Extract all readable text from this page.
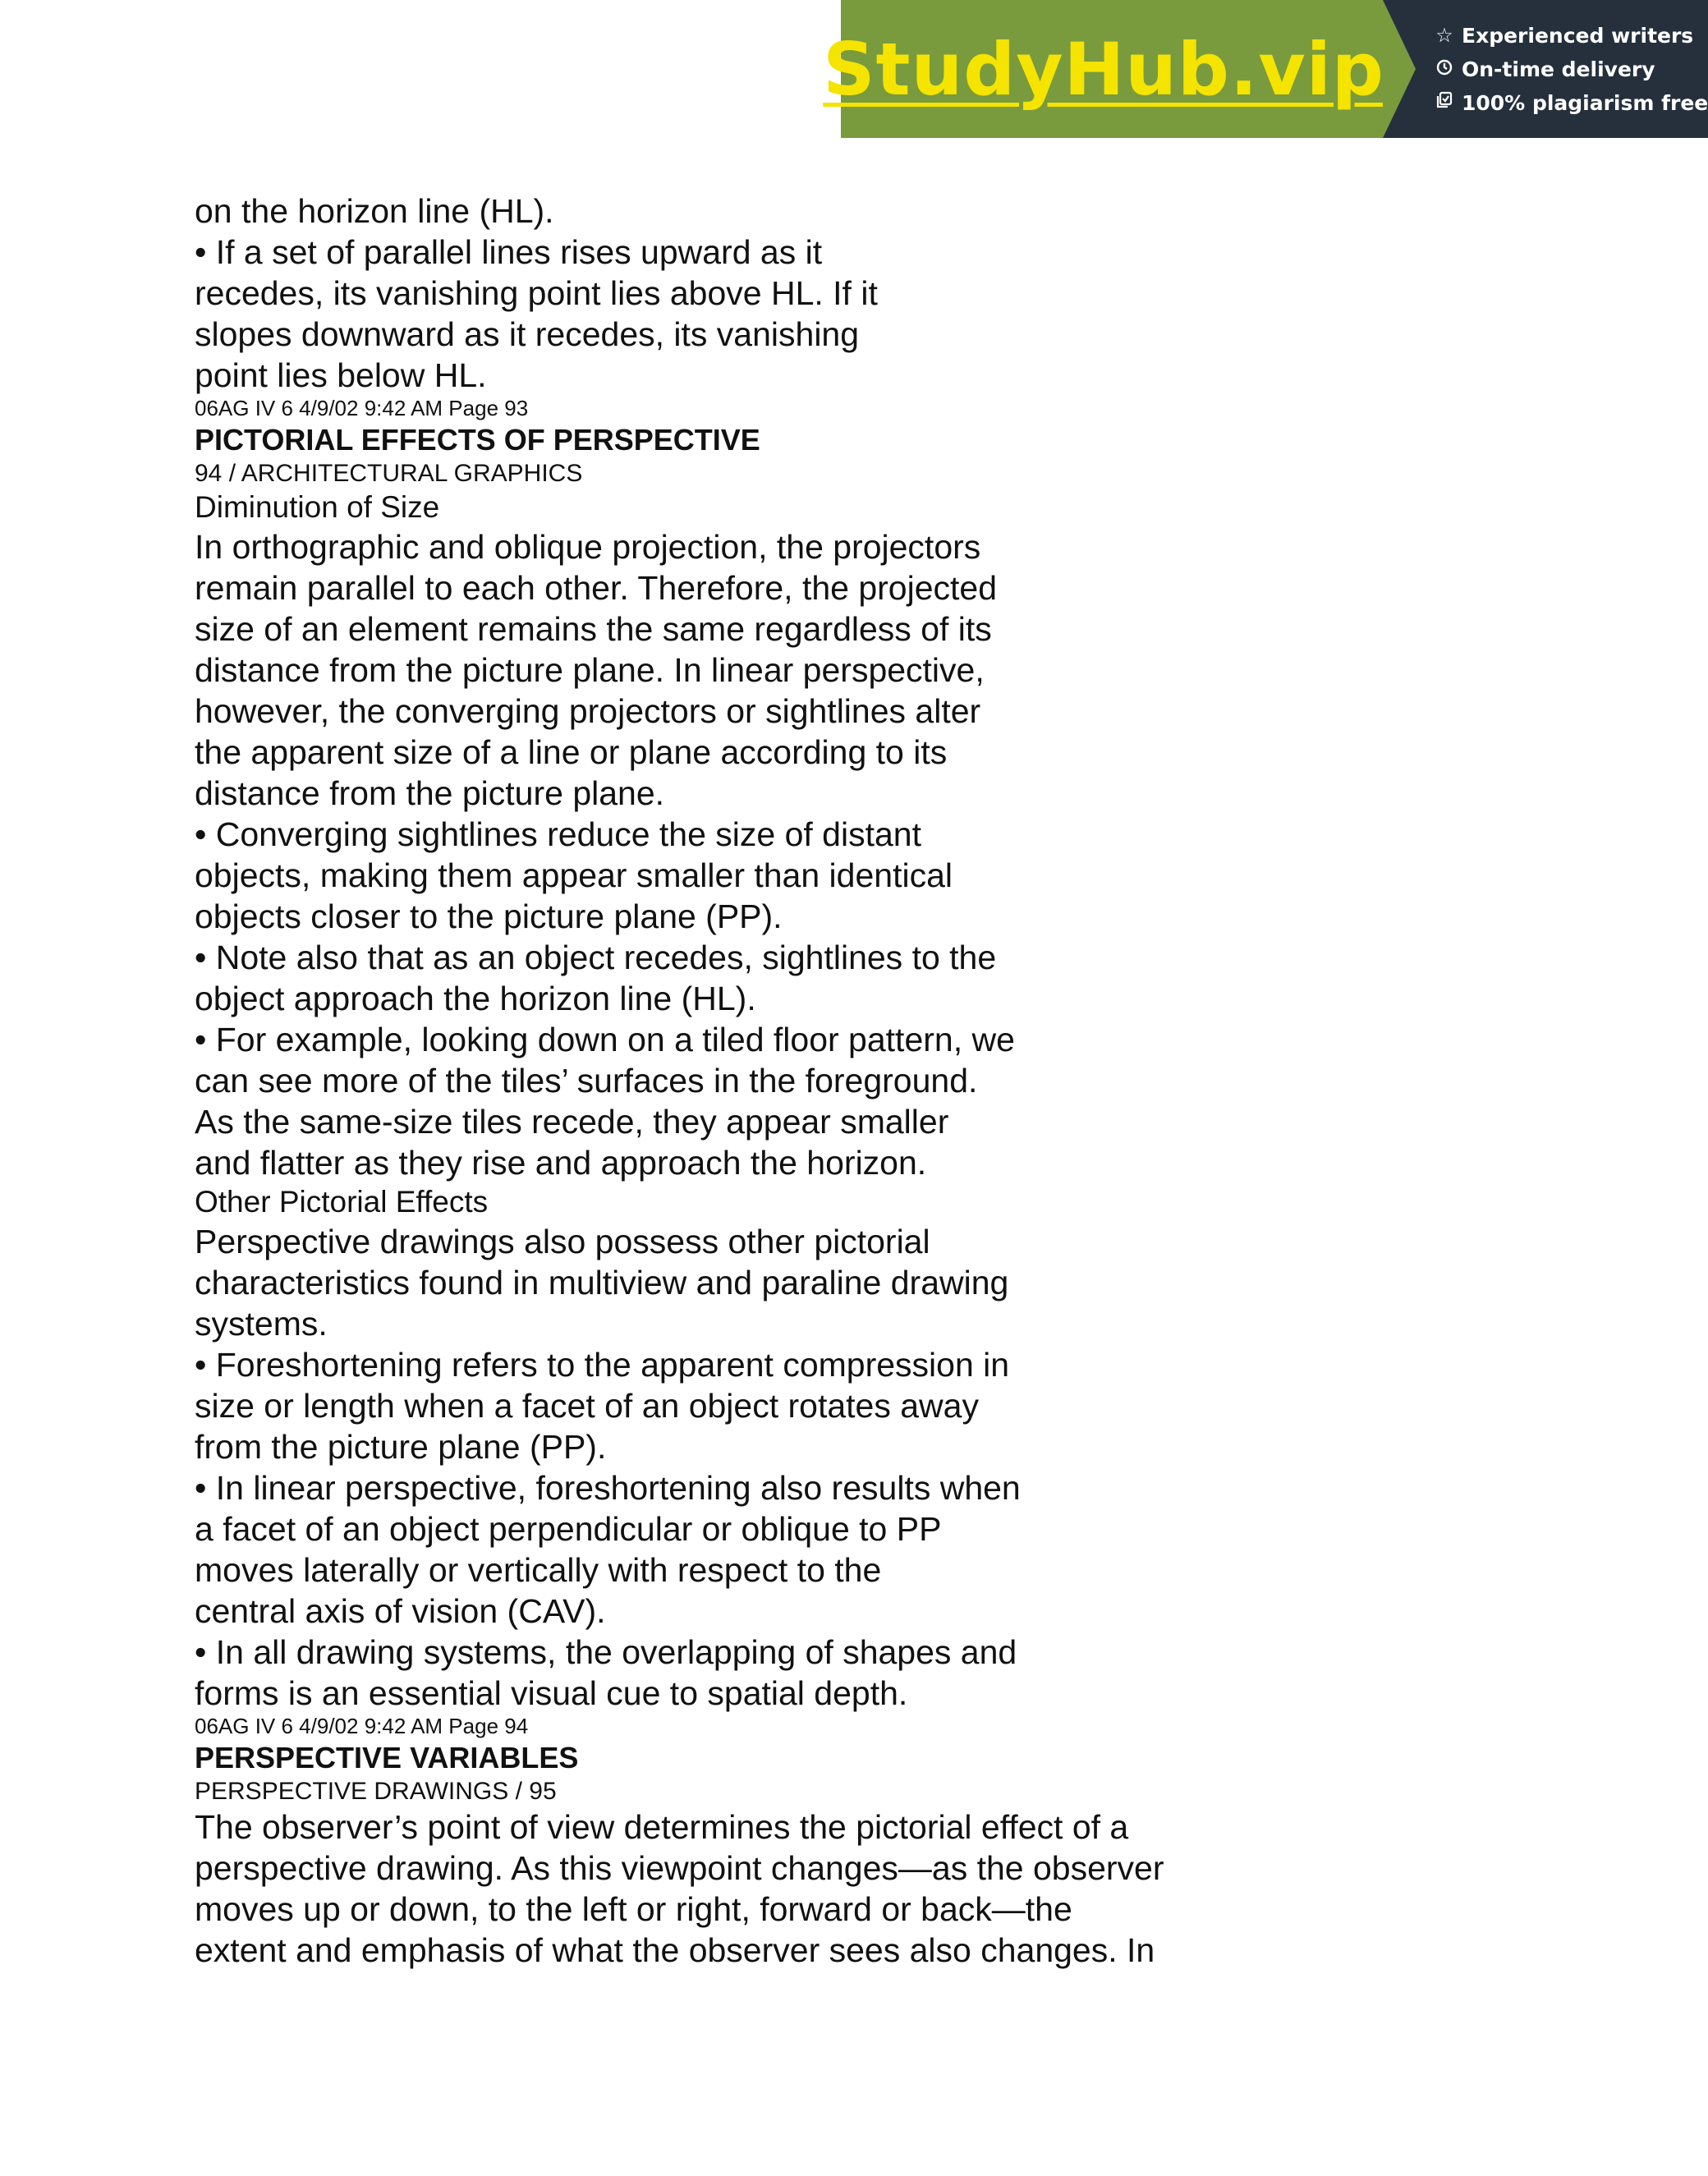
StudyHub.vip	☆ Experienced writers
On-time delivery
100% plagiarism free

on the horizon line (HL).

• If a set of parallel lines rises upward as it

recedes, its vanishing point lies above HL. If it

slopes downward as it recedes, its vanishing

point lies below HL.

06AG IV 6 4/9/02 9:42 AM Page 93

PICTORIAL EFFECTS OF PERSPECTIVE

94 / ARCHITECTURAL GRAPHICS

Diminution of Size

In orthographic and oblique projection, the projectors

remain parallel to each other. Therefore, the projected

size of an element remains the same regardless of its

distance from the picture plane. In linear perspective,

however, the converging projectors or sightlines alter

the apparent size of a line or plane according to its

distance from the picture plane.

• Converging sightlines reduce the size of distant

objects, making them appear smaller than identical

objects closer to the picture plane (PP).

• Note also that as an object recedes, sightlines to the

object approach the horizon line (HL).

• For example, looking down on a tiled floor pattern, we

can see more of the tiles’ surfaces in the foreground.

As the same-size tiles recede, they appear smaller

and flatter as they rise and approach the horizon.

Other Pictorial Effects

Perspective drawings also possess other pictorial

characteristics found in multiview and paraline drawing

systems.

• Foreshortening refers to the apparent compression in

size or length when a facet of an object rotates away

from the picture plane (PP).

• In linear perspective, foreshortening also results when

a facet of an object perpendicular or oblique to PP

moves laterally or vertically with respect to the

central axis of vision (CAV).

• In all drawing systems, the overlapping of shapes and

forms is an essential visual cue to spatial depth.

06AG IV 6 4/9/02 9:42 AM Page 94

PERSPECTIVE VARIABLES

PERSPECTIVE DRAWINGS / 95

The observer’s point of view determines the pictorial effect of a

perspective drawing. As this viewpoint changes—as the observer

moves up or down, to the left or right, forward or back—the

extent and emphasis of what the observer sees also changes. In
